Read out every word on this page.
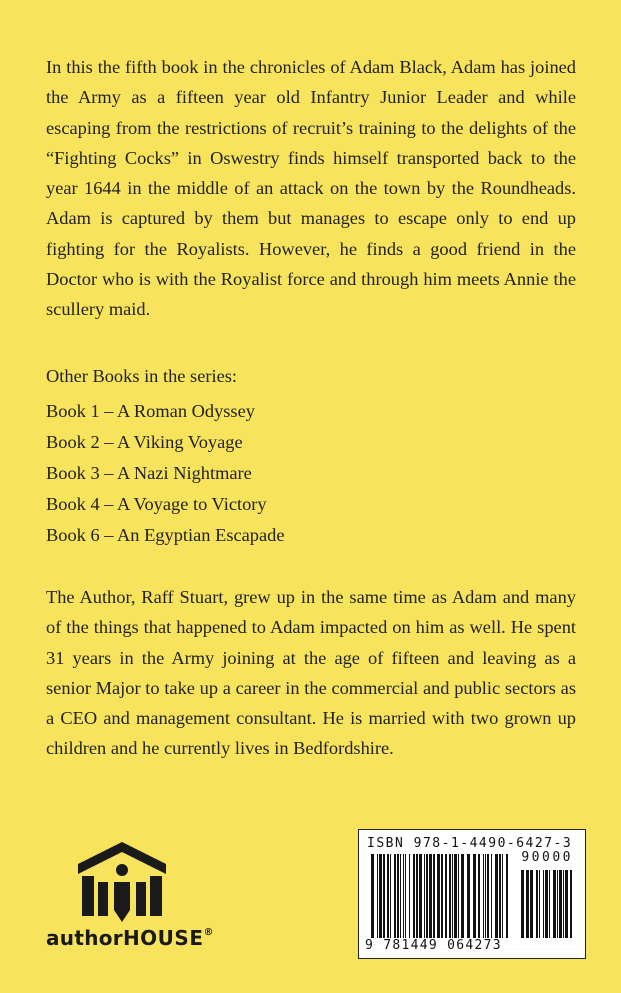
In this the fifth book in the chronicles of Adam Black, Adam has joined the Army as a fifteen year old Infantry Junior Leader and while escaping from the restrictions of recruit’s training to the delights of the “Fighting Cocks” in Oswestry finds himself transported back to the year 1644 in the middle of an attack on the town by the Roundheads. Adam is captured by them but manages to escape only to end up fighting for the Royalists. However, he finds a good friend in the Doctor who is with the Royalist force and through him meets Annie the scullery maid.

Other Books in the series:
Book 1 – A Roman Odyssey
Book 2 – A Viking Voyage
Book 3 – A Nazi Nightmare
Book 4 – A Voyage to Victory
Book 6 – An Egyptian Escapade

The Author, Raff Stuart, grew up in the same time as Adam and many of the things that happened to Adam impacted on him as well. He spent 31 years in the Army joining at the age of fifteen and leaving as a senior Major to take up a career in the commercial and public sectors as a CEO and management consultant. He is married with two grown up children and he currently lives in Bedfordshire.

authorHOUSE®
ISBN 978-1-4490-6427-3
90000
9 781449 064273
